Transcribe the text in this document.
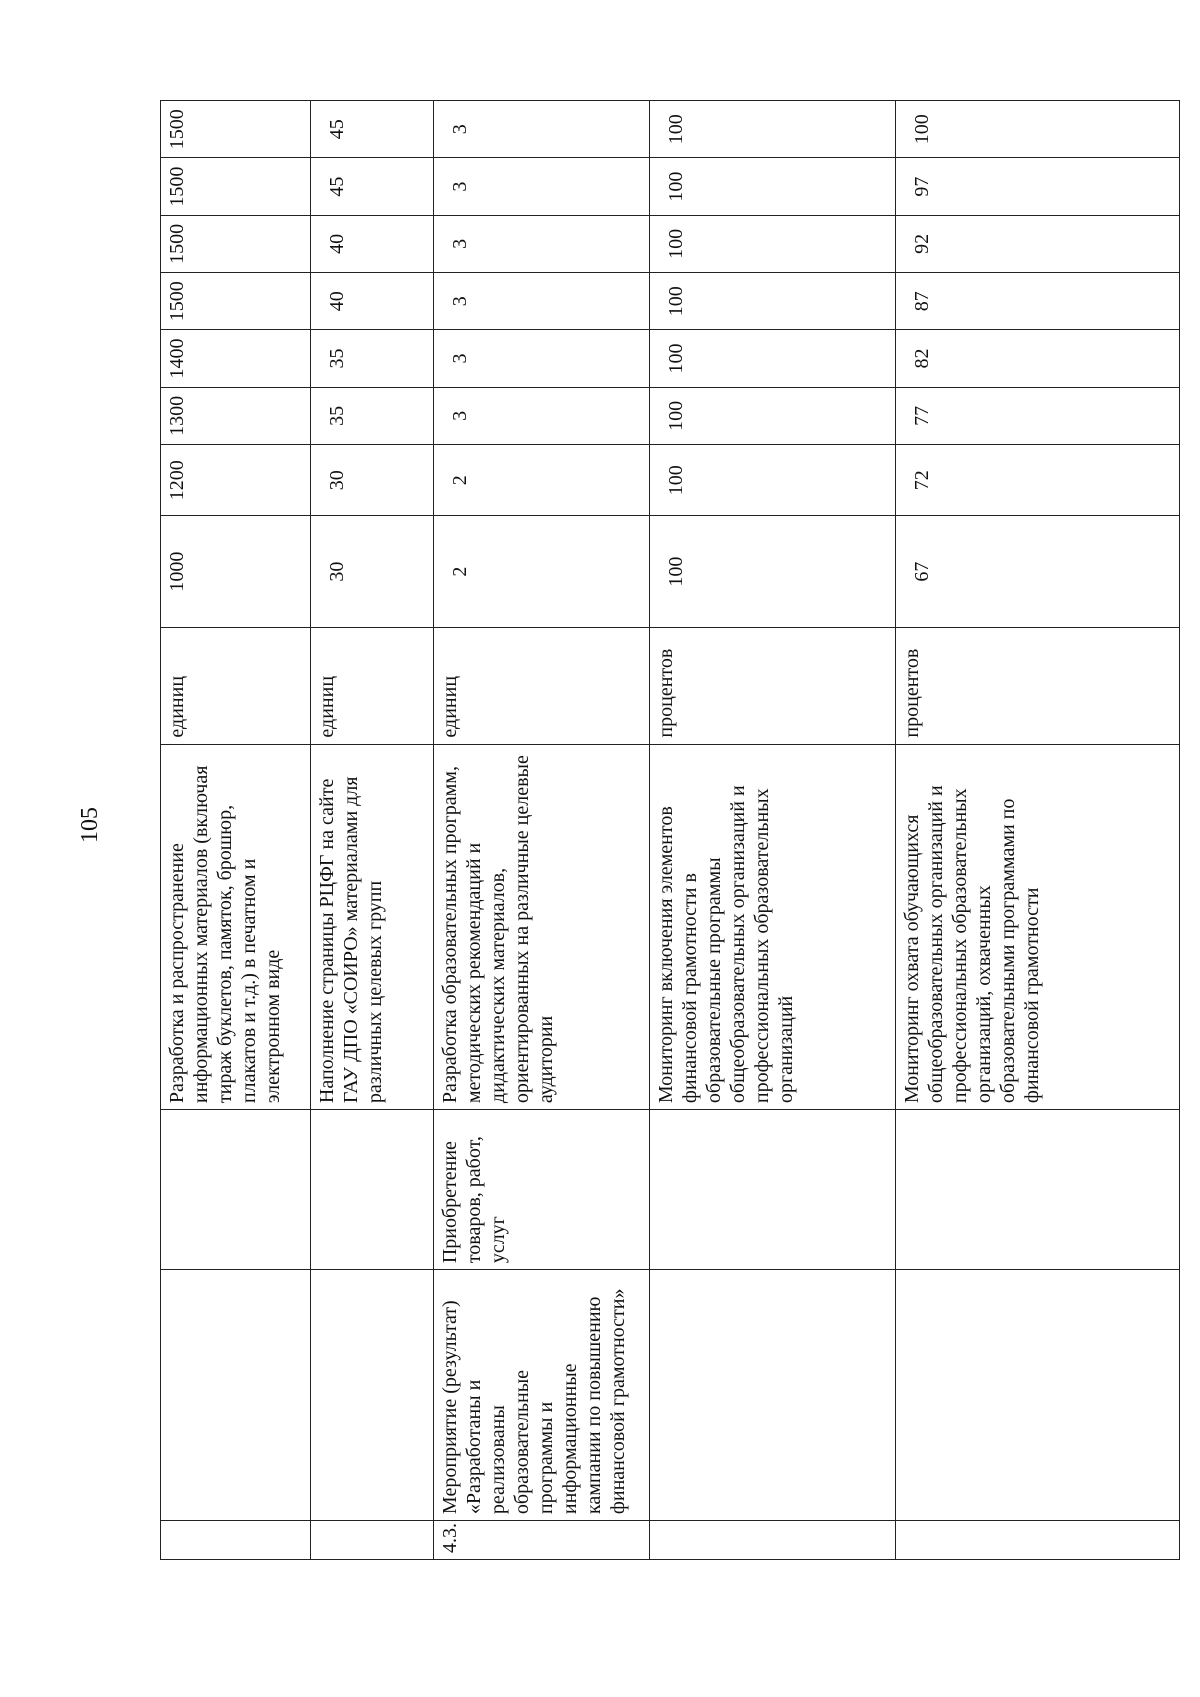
105
			Разработка и распространение информационных материалов (включая тираж буклетов, памяток, брошюр, плакатов и т.д.) в печатном и электронном виде	единиц	1000	1200	1300	1400	1500	1500	1500	1500
			Наполнение страницы РЦФГ на сайте ГАУ ДПО «СОИРО» материалами для различных целевых групп	единиц	30	30	35	35	40	40	45	45
4.3.	Мероприятие (результат) «Разработаны и реализованы образовательные программы и информационные кампании по повышению финансовой грамотности»	Приобретение товаров, работ, услуг	Разработка образовательных программ, методических рекомендаций и дидактических материалов, ориентированных на различные целевые аудитории	единиц	2	2	3	3	3	3	3	3
			Мониторинг включения элементов финансовой грамотности в образовательные программы общеобразовательных организаций и профессиональных образовательных организаций	процентов	100	100	100	100	100	100	100	100
			Мониторинг охвата обучающихся общеобразовательных организаций и профессиональных образовательных организаций, охваченных образовательными программами по финансовой грамотности	процентов	67	72	77	82	87	92	97	100
